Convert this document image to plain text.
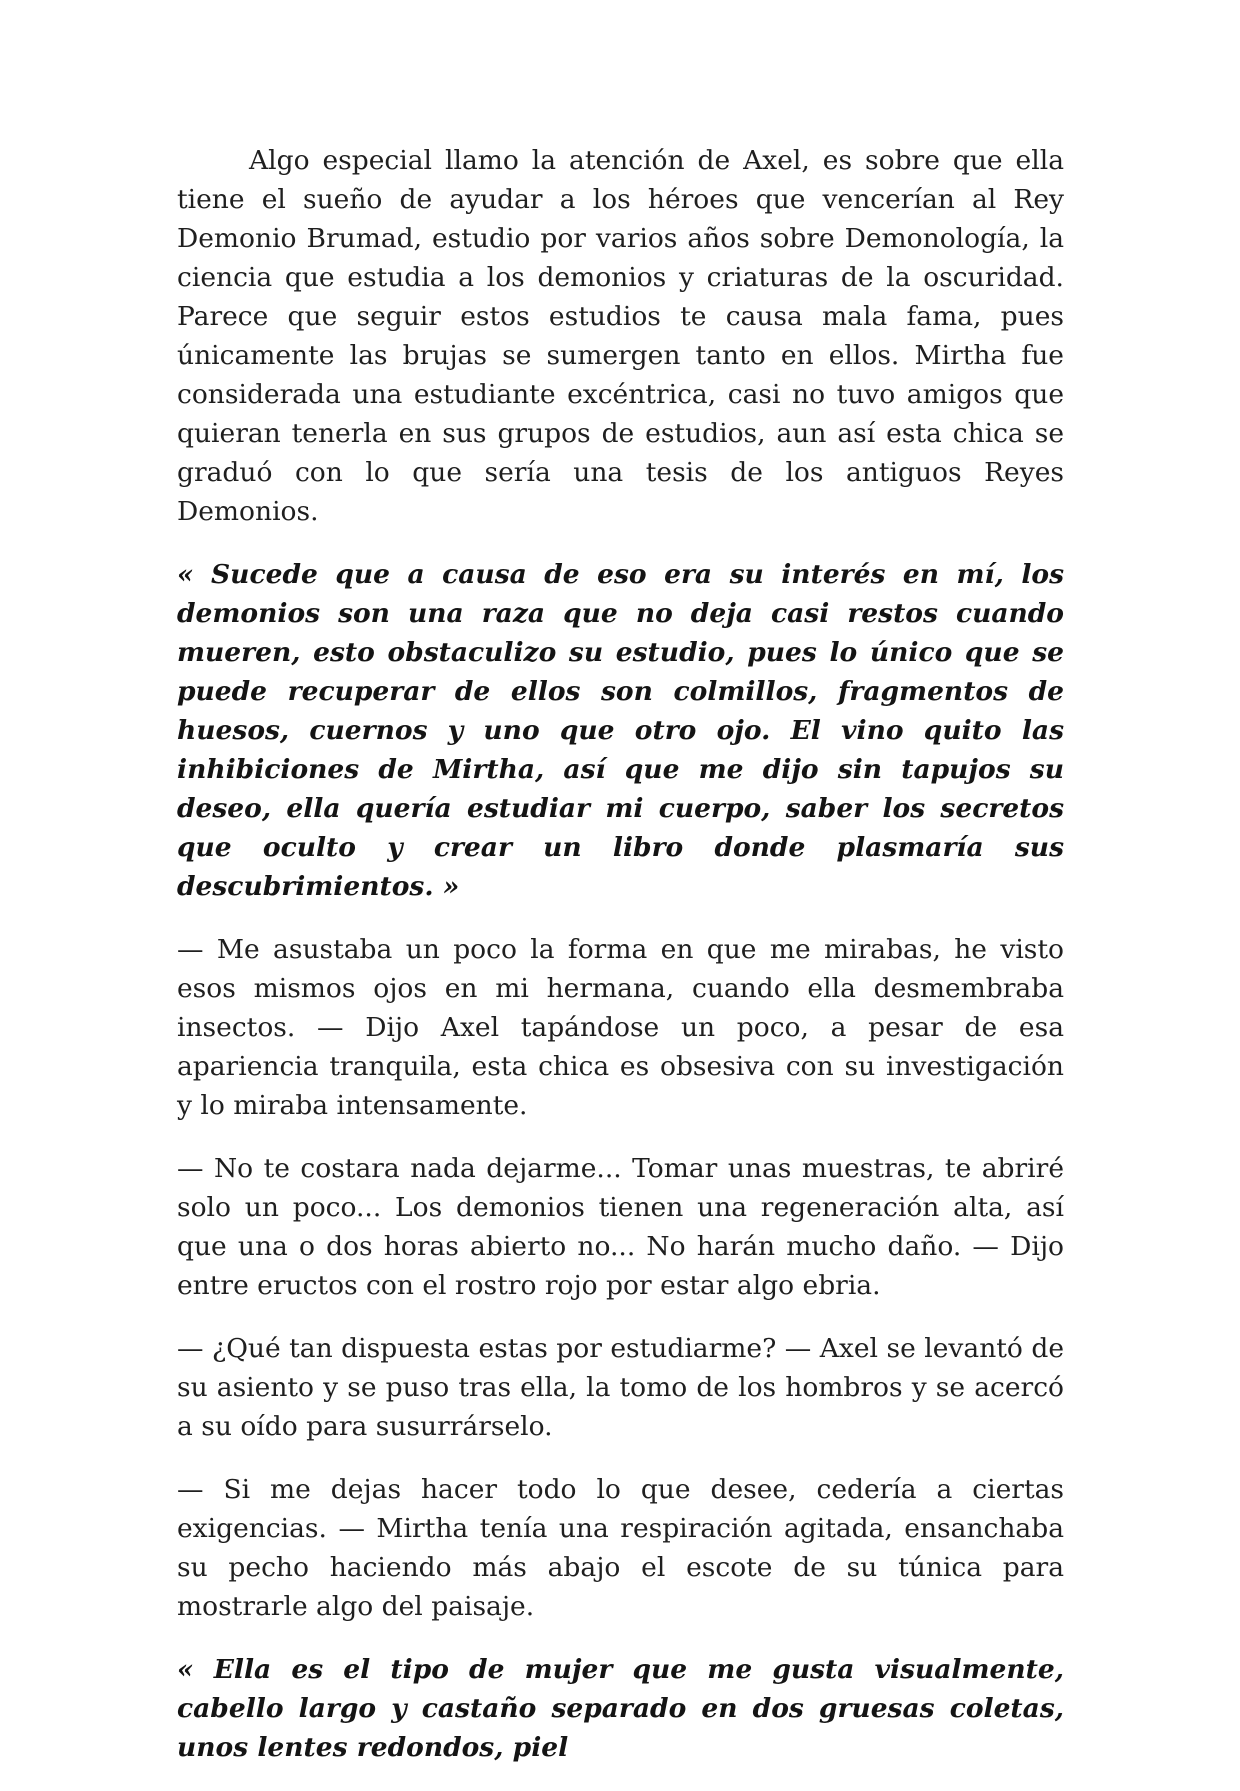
Algo especial llamo la atención de Axel, es sobre que ella tiene el sueño de ayudar a los héroes que vencerían al Rey Demonio Brumad, estudio por varios años sobre Demonología, la ciencia que estudia a los demonios y criaturas de la oscuridad. Parece que seguir estos estudios te causa mala fama, pues únicamente las brujas se sumergen tanto en ellos. Mirtha fue considerada una estudiante excéntrica, casi no tuvo amigos que quieran tenerla en sus grupos de estudios, aun así esta chica se graduó con lo que sería una tesis de los antiguos Reyes Demonios.

« Sucede que a causa de eso era su interés en mí, los demonios son una raza que no deja casi restos cuando mueren, esto obstaculizo su estudio, pues lo único que se puede recuperar de ellos son colmillos, fragmentos de huesos, cuernos y uno que otro ojo. El vino quito las inhibiciones de Mirtha, así que me dijo sin tapujos su deseo, ella quería estudiar mi cuerpo, saber los secretos que oculto y crear un libro donde plasmaría sus descubrimientos. »

— Me asustaba un poco la forma en que me mirabas, he visto esos mismos ojos en mi hermana, cuando ella desmembraba insectos. — Dijo Axel tapándose un poco, a pesar de esa apariencia tranquila, esta chica es obsesiva con su investigación y lo miraba intensamente.

— No te costara nada dejarme... Tomar unas muestras, te abriré solo un poco... Los demonios tienen una regeneración alta, así que una o dos horas abierto no... No harán mucho daño. — Dijo entre eructos con el rostro rojo por estar algo ebria.

— ¿Qué tan dispuesta estas por estudiarme? — Axel se levantó de su asiento y se puso tras ella, la tomo de los hombros y se acercó a su oído para susurrárselo.

— Si me dejas hacer todo lo que desee, cedería a ciertas exigencias. — Mirtha tenía una respiración agitada, ensanchaba su pecho haciendo más abajo el escote de su túnica para mostrarle algo del paisaje.

« Ella es el tipo de mujer que me gusta visualmente, cabello largo y castaño separado en dos gruesas coletas, unos lentes redondos, piel
